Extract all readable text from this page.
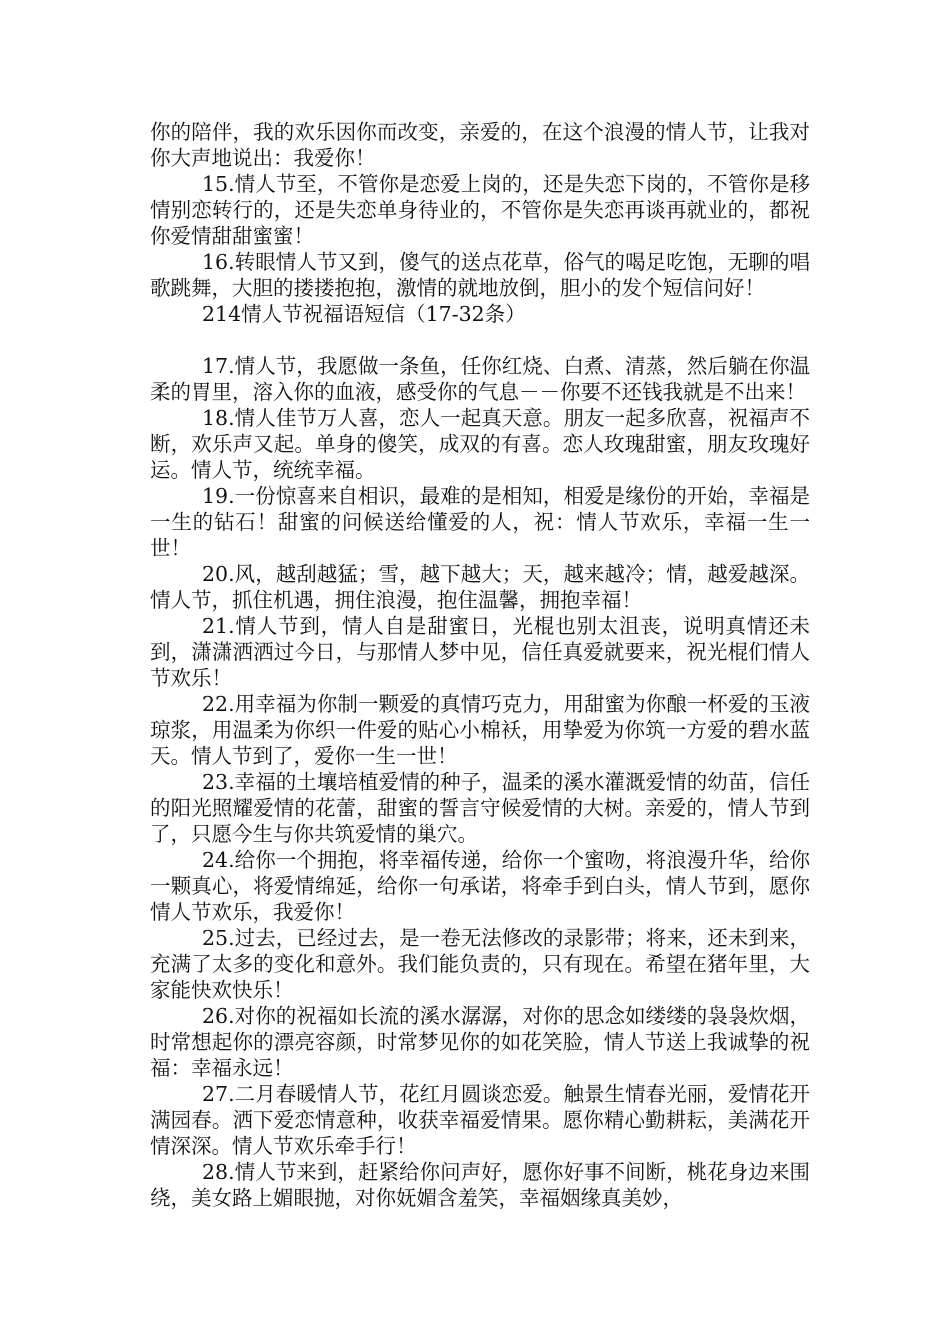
你的陪伴，我的欢乐因你而改变，亲爱的，在这个浪漫的情人节，让我对你大声地说出：我爱你！

15.情人节至，不管你是恋爱上岗的，还是失恋下岗的，不管你是移情别恋转行的，还是失恋单身待业的，不管你是失恋再谈再就业的，都祝你爱情甜甜蜜蜜！

16.转眼情人节又到，傻气的送点花草，俗气的喝足吃饱，无聊的唱歌跳舞，大胆的搂搂抱抱，激情的就地放倒，胆小的发个短信问好！

214情人节祝福语短信（17-32条）

17.情人节，我愿做一条鱼，任你红烧、白煮、清蒸，然后躺在你温柔的胃里，溶入你的血液，感受你的气息－－你要不还钱我就是不出来！

18.情人佳节万人喜，恋人一起真天意。朋友一起多欣喜，祝福声不断，欢乐声又起。单身的傻笑，成双的有喜。恋人玫瑰甜蜜，朋友玫瑰好运。情人节，统统幸福。

19.一份惊喜来自相识，最难的是相知，相爱是缘份的开始，幸福是一生的钻石！甜蜜的问候送给懂爱的人，祝：情人节欢乐，幸福一生一世！

20.风，越刮越猛；雪，越下越大；天，越来越冷；情，越爱越深。情人节，抓住机遇，拥住浪漫，抱住温馨，拥抱幸福！

21.情人节到，情人自是甜蜜日，光棍也别太沮丧，说明真情还未到，潇潇洒洒过今日，与那情人梦中见，信任真爱就要来，祝光棍们情人节欢乐！

22.用幸福为你制一颗爱的真情巧克力，用甜蜜为你酿一杯爱的玉液琼浆，用温柔为你织一件爱的贴心小棉袄，用挚爱为你筑一方爱的碧水蓝天。情人节到了，爱你一生一世！

23.幸福的土壤培植爱情的种子，温柔的溪水灌溉爱情的幼苗，信任的阳光照耀爱情的花蕾，甜蜜的誓言守候爱情的大树。亲爱的，情人节到了，只愿今生与你共筑爱情的巢穴。

24.给你一个拥抱，将幸福传递，给你一个蜜吻，将浪漫升华，给你一颗真心，将爱情绵延，给你一句承诺，将牵手到白头，情人节到，愿你情人节欢乐，我爱你！

25.过去，已经过去，是一卷无法修改的录影带；将来，还未到来，充满了太多的变化和意外。我们能负责的，只有现在。希望在猪年里，大家能快欢快乐！

26.对你的祝福如长流的溪水潺潺，对你的思念如缕缕的袅袅炊烟，时常想起你的漂亮容颜，时常梦见你的如花笑脸，情人节送上我诚挚的祝福：幸福永远！

27.二月春暖情人节，花红月圆谈恋爱。触景生情春光丽，爱情花开满园春。洒下爱恋情意种，收获幸福爱情果。愿你精心勤耕耘，美满花开情深深。情人节欢乐牵手行！

28.情人节来到，赶紧给你问声好，愿你好事不间断，桃花身边来围绕，美女路上媚眼抛，对你妩媚含羞笑，幸福姻缘真美妙，
